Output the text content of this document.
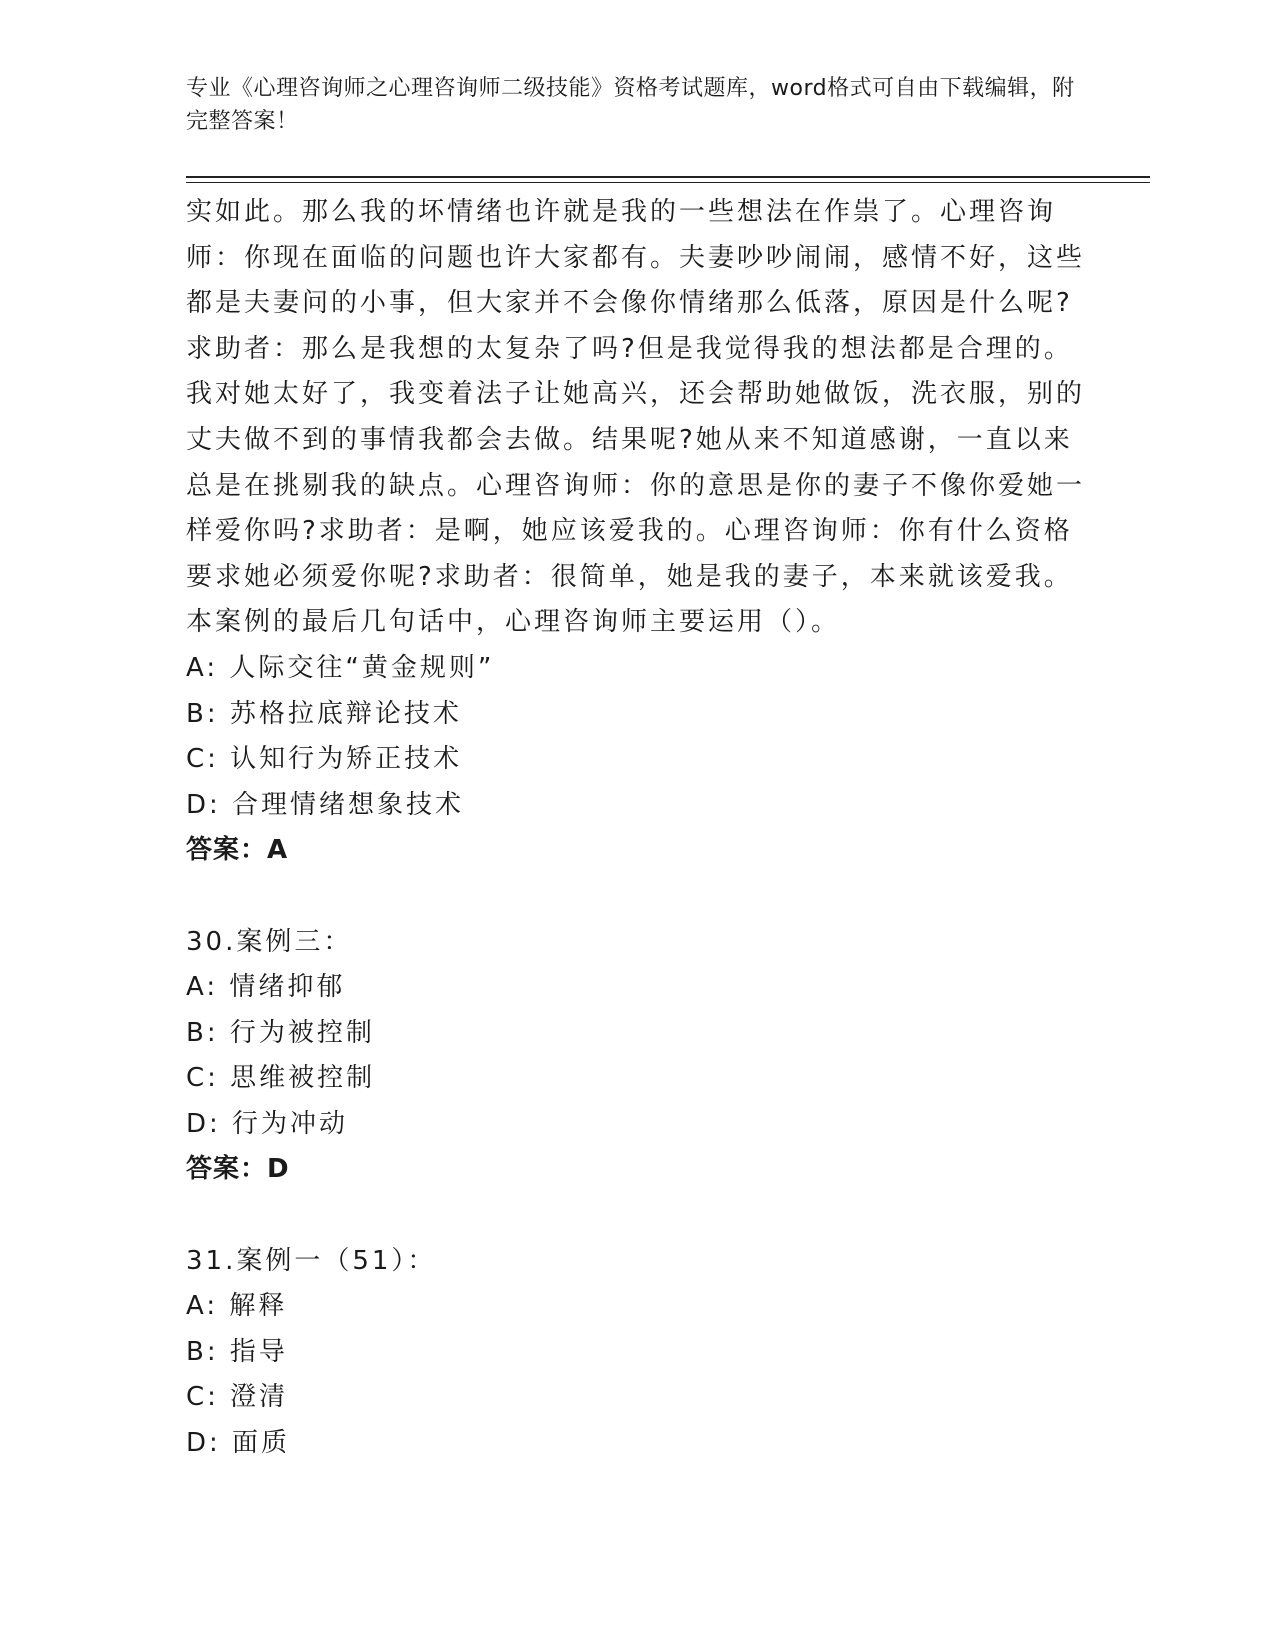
专业《心理咨询师之心理咨询师二级技能》资格考试题库，word格式可自由下载编辑，附完整答案！

实如此。那么我的坏情绪也许就是我的一些想法在作祟了。心理咨询师：你现在面临的问题也许大家都有。夫妻吵吵闹闹，感情不好，这些都是夫妻问的小事，但大家并不会像你情绪那么低落，原因是什么呢?求助者：那么是我想的太复杂了吗?但是我觉得我的想法都是合理的。我对她太好了，我变着法子让她高兴，还会帮助她做饭，洗衣服，别的丈夫做不到的事情我都会去做。结果呢?她从来不知道感谢，一直以来总是在挑剔我的缺点。心理咨询师：你的意思是你的妻子不像你爱她一样爱你吗?求助者：是啊，她应该爱我的。心理咨询师：你有什么资格要求她必须爱你呢?求助者：很简单，她是我的妻子，本来就该爱我。本案例的最后几句话中，心理咨询师主要运用（）。

A: 人际交往“黄金规则”

B: 苏格拉底辩论技术

C: 认知行为矫正技术

D: 合理情绪想象技术

答案：A

30.案例三：

A: 情绪抑郁

B: 行为被控制

C: 思维被控制

D: 行为冲动

答案：D

31.案例一（51）：

A: 解释

B: 指导

C: 澄清

D: 面质
